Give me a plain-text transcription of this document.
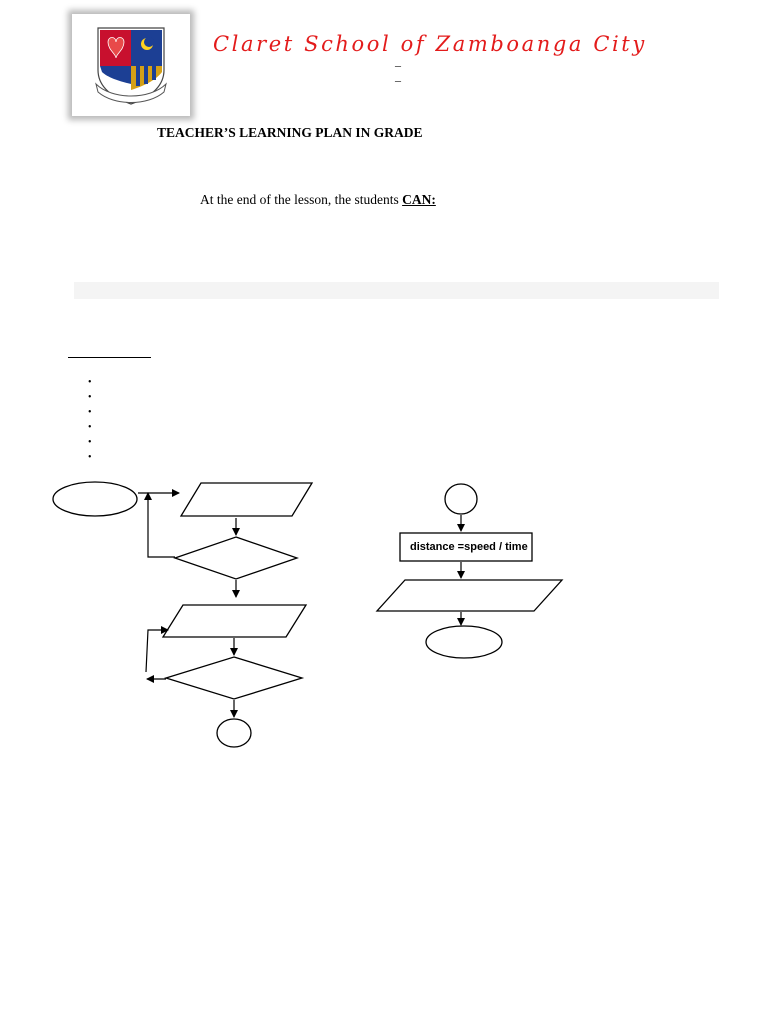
Claret School of Zamboanga City
–
–
TEACHER’S LEARNING PLAN IN GRADE
At the end of the lesson, the students CAN:
•
•
•
•
•
•
distance =speed / time
